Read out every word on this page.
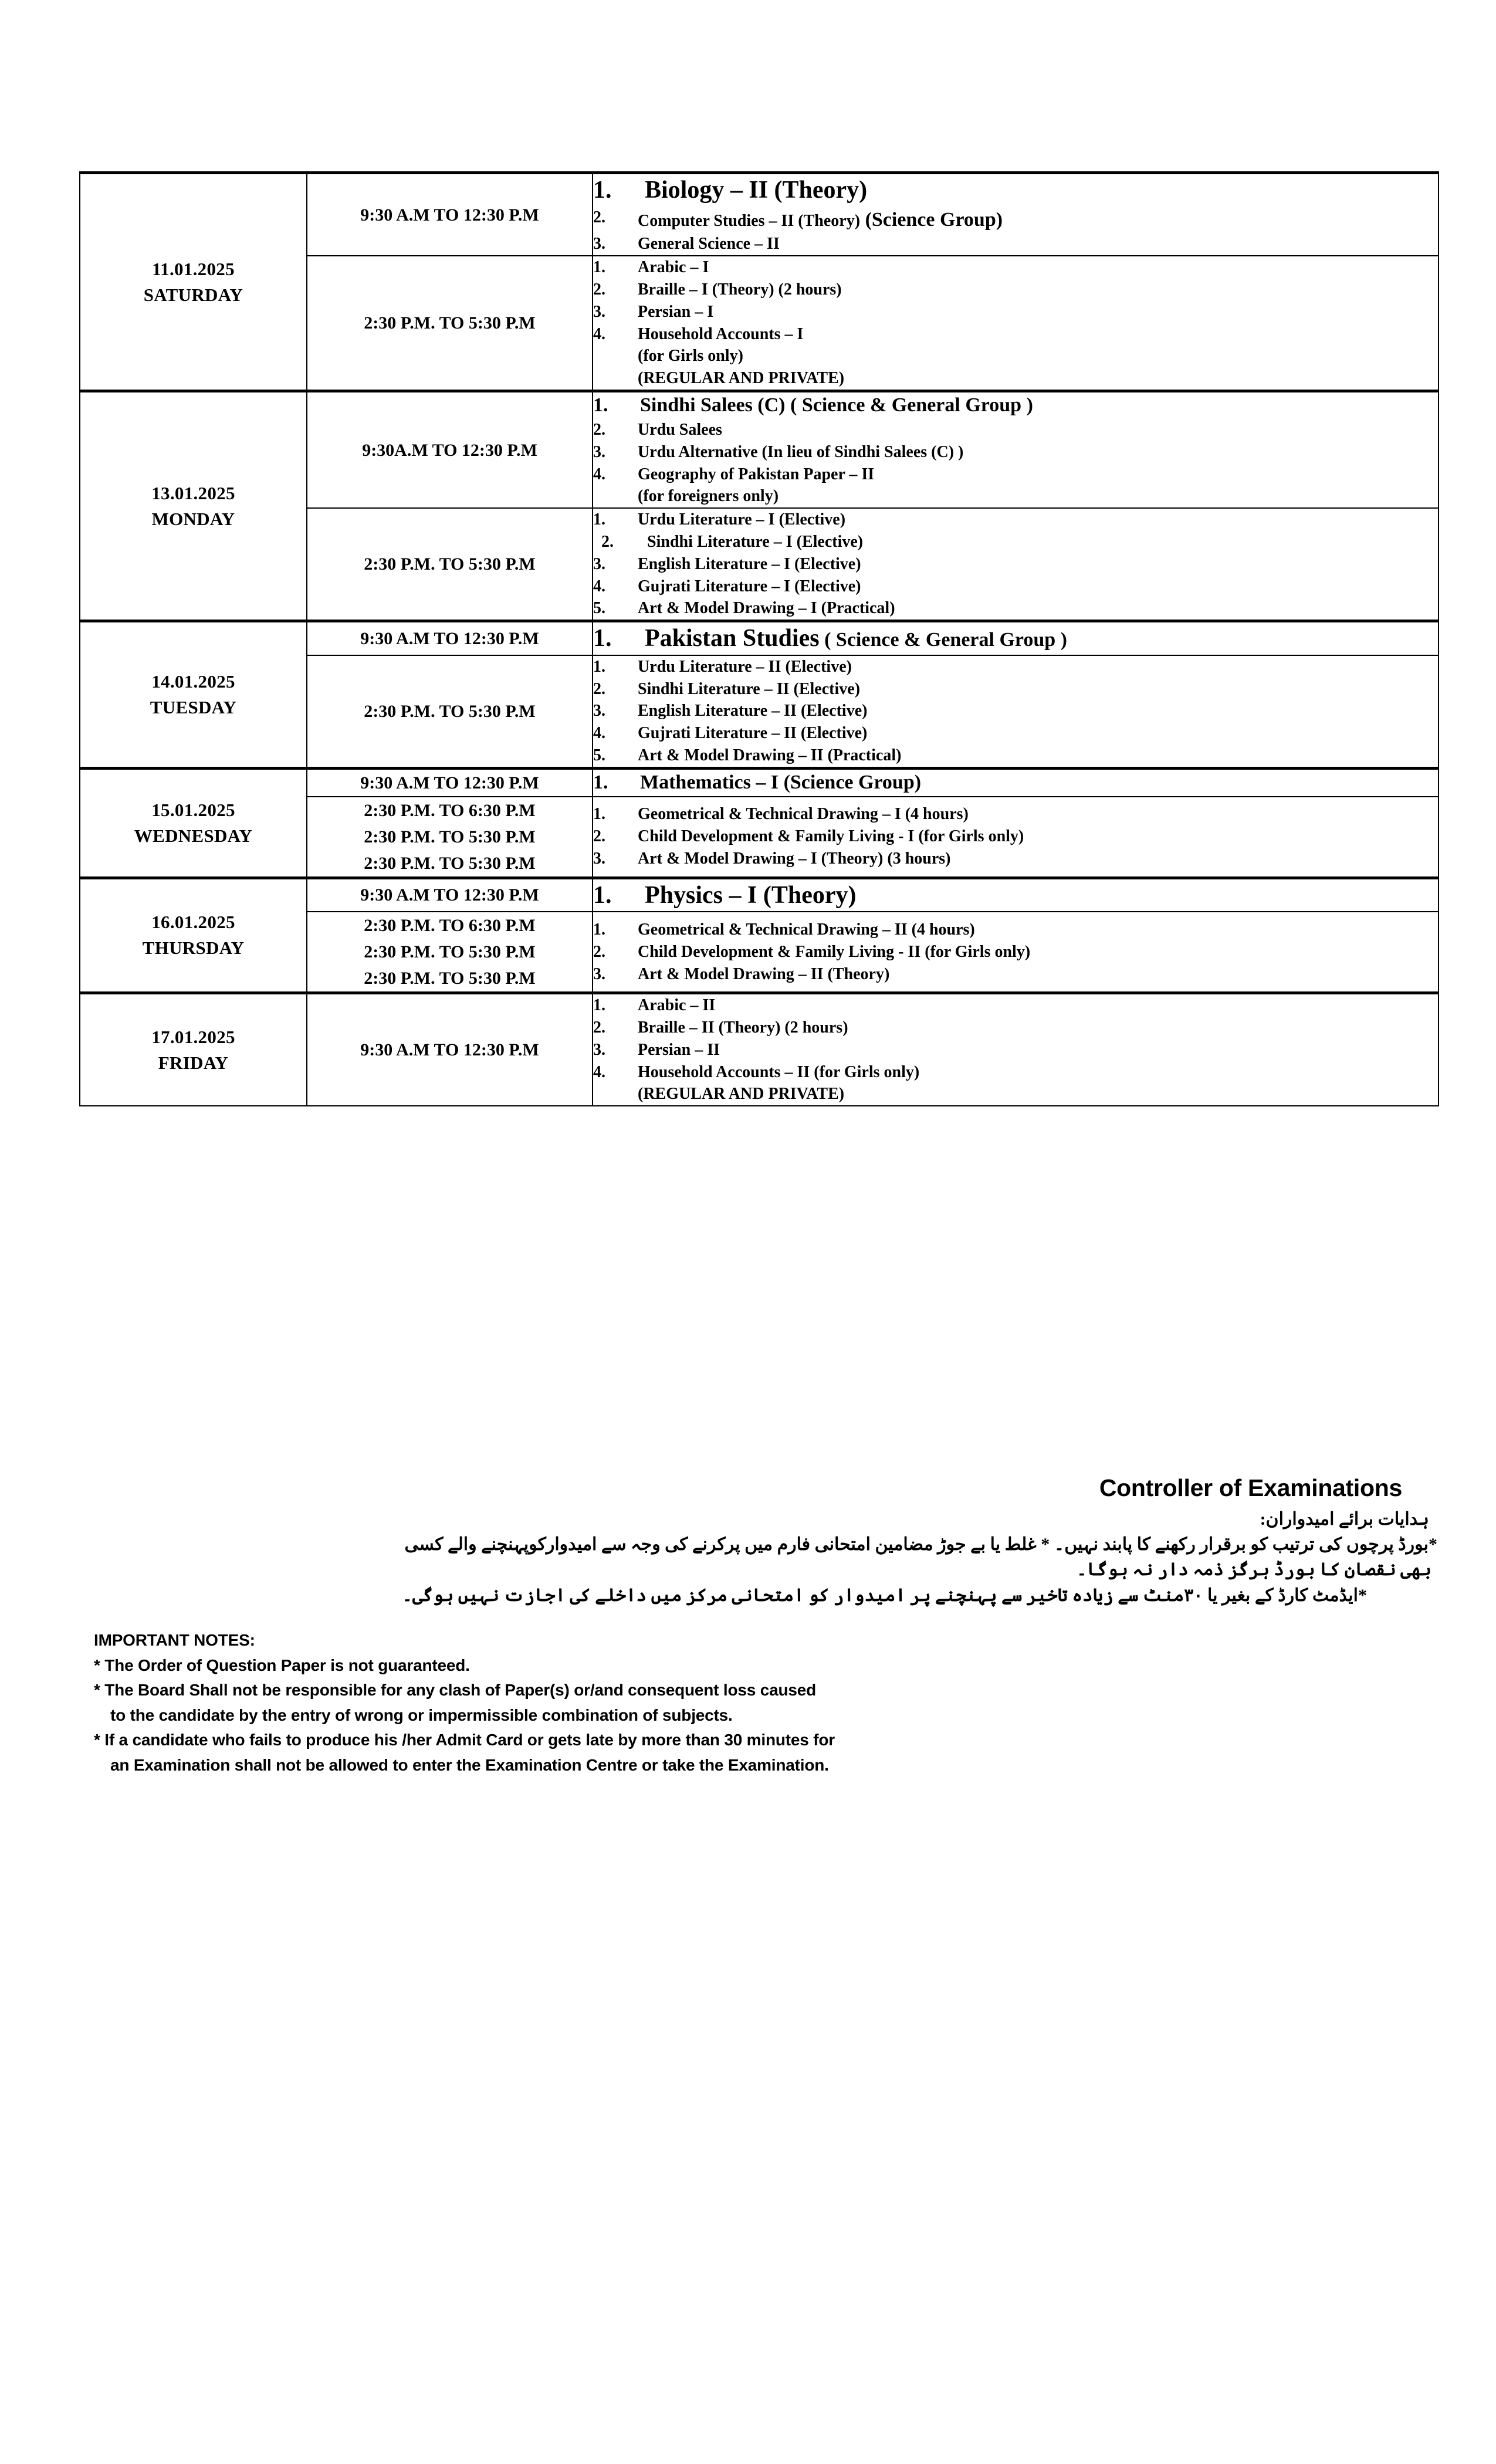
11.01.2025
SATURDAY

9:30 A.M TO 12:30 P.M

1.	Biology – II (Theory)
2.	Computer Studies – II (Theory) (Science Group)
3.	General Science – II

2:30 P.M. TO 5:30 P.M

1.	Arabic – I
2.	Braille – I (Theory) (2 hours)
3.	Persian – I
4.	Household Accounts – I
(for Girls only)
(REGULAR AND PRIVATE)

13.01.2025
MONDAY

9:30A.M TO 12:30 P.M

1.	Sindhi Salees (C) ( Science & General Group )
2.	Urdu Salees
3.	Urdu Alternative (In lieu of Sindhi Salees (C) )
4.	Geography of Pakistan Paper – II
(for foreigners only)

2:30 P.M. TO 5:30 P.M

1.	Urdu Literature – I (Elective)
2.	Sindhi Literature – I (Elective)
3.	English Literature – I (Elective)
4.	Gujrati Literature – I (Elective)
5.	Art & Model Drawing – I (Practical)

14.01.2025
TUESDAY

9:30 A.M TO 12:30 P.M	1.	Pakistan Studies ( Science & General Group )

2:30 P.M. TO 5:30 P.M

1.	Urdu Literature – II (Elective)
2.	Sindhi Literature – II (Elective)
3.	English Literature – II (Elective)
4.	Gujrati Literature – II (Elective)
5.	Art & Model Drawing – II (Practical)

15.01.2025
WEDNESDAY

9:30 A.M TO 12:30 P.M	1.	Mathematics – I (Science Group)

2:30 P.M. TO 6:30 P.M
2:30 P.M. TO 5:30 P.M
2:30 P.M. TO 5:30 P.M

1.	Geometrical & Technical Drawing – I (4 hours)
2.	Child Development & Family Living - I (for Girls only)
3.	Art & Model Drawing – I (Theory) (3 hours)

16.01.2025
THURSDAY

9:30 A.M TO 12:30 P.M	1.	Physics – I (Theory)

2:30 P.M. TO 6:30 P.M
2:30 P.M. TO 5:30 P.M
2:30 P.M. TO 5:30 P.M

1.	Geometrical & Technical Drawing – II (4 hours)
2.	Child Development & Family Living - II (for Girls only)
3.	Art & Model Drawing – II (Theory)

17.01.2025
FRIDAY

9:30 A.M TO 12:30 P.M

1.	Arabic – II
2.	Braille – II (Theory) (2 hours)
3.	Persian – II
4.	Household Accounts – II (for Girls only)
(REGULAR AND PRIVATE)
Controller of Examinations
ہدایات برائے امیدواران:
*بورڈ پرچوں کی ترتیب کو برقرار رکھنے کا پابند نہیں۔ * غلط یا بے جوڑ مضامین امتحانی فارم میں پرکرنے کی وجہ سے امیدوارکوپہنچنے والے کسی
بھی نقصان کا بورڈ ہرگز ذمہ دار نہ ہوگا۔
*ایڈمٹ کارڈ کے بغیر یا ۳۰منٹ سے زیادہ تاخیر سے پہنچنے پر امیدوار کو امتحانی مرکز میں داخلے کی اجازت نہیں ہوگی۔
IMPORTANT NOTES:
* The Order of Question Paper is not guaranteed.
* The Board Shall not be responsible for any clash of Paper(s) or/and consequent loss caused
to the candidate by the entry of wrong or impermissible combination of subjects.
* If a candidate who fails to produce his /her Admit Card or gets late by more than 30 minutes for
an Examination shall not be allowed to enter the Examination Centre or take the Examination.
